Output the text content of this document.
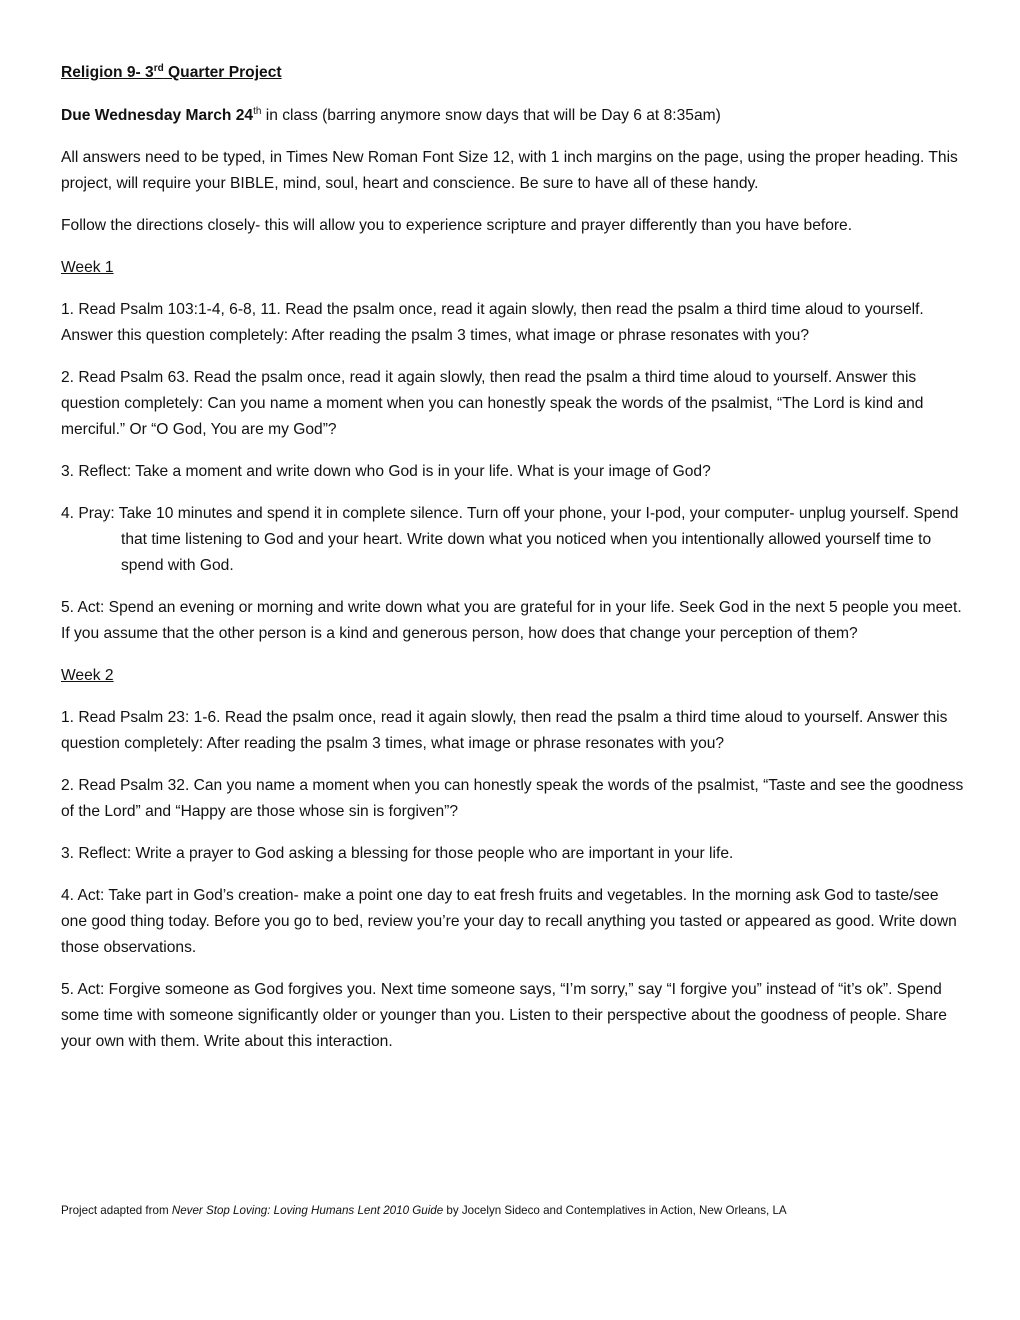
Religion 9- 3rd Quarter Project

Due Wednesday March 24th in class (barring anymore snow days that will be Day 6 at 8:35am)

All answers need to be typed, in Times New Roman Font Size 12, with 1 inch margins on the page, using the proper heading. This project, will require your BIBLE, mind, soul, heart and conscience. Be sure to have all of these handy.

Follow the directions closely- this will allow you to experience scripture and prayer differently than you have before.

Week 1

1. Read Psalm 103:1-4, 6-8, 11. Read the psalm once, read it again slowly, then read the psalm a third time aloud to yourself. Answer this question completely: After reading the psalm 3 times, what image or phrase resonates with you?

2. Read Psalm 63. Read the psalm once, read it again slowly, then read the psalm a third time aloud to yourself. Answer this question completely: Can you name a moment when you can honestly speak the words of the psalmist, “The Lord is kind and merciful.” Or “O God, You are my God”?

3. Reflect: Take a moment and write down who God is in your life. What is your image of God?

4. Pray: Take 10 minutes and spend it in complete silence. Turn off your phone, your I-pod, your computer- unplug yourself. Spend that time listening to God and your heart. Write down what you noticed when you intentionally allowed yourself time to spend with God.

5. Act: Spend an evening or morning and write down what you are grateful for in your life. Seek God in the next 5 people you meet. If you assume that the other person is a kind and generous person, how does that change your perception of them?

Week 2

1. Read Psalm 23: 1-6. Read the psalm once, read it again slowly, then read the psalm a third time aloud to yourself. Answer this question completely: After reading the psalm 3 times, what image or phrase resonates with you?

2. Read Psalm 32. Can you name a moment when you can honestly speak the words of the psalmist, “Taste and see the goodness of the Lord” and “Happy are those whose sin is forgiven”?

3. Reflect: Write a prayer to God asking a blessing for those people who are important in your life.

4. Act: Take part in God’s creation- make a point one day to eat fresh fruits and vegetables. In the morning ask God to taste/see one good thing today. Before you go to bed, review you’re your day to recall anything you tasted or appeared as good. Write down those observations.

5. Act: Forgive someone as God forgives you. Next time someone says, “I’m sorry,” say “I forgive you” instead of “it’s ok”. Spend some time with someone significantly older or younger than you. Listen to their perspective about the goodness of people. Share your own with them. Write about this interaction.

Project adapted from Never Stop Loving: Loving Humans Lent 2010 Guide by Jocelyn Sideco and Contemplatives in Action, New Orleans, LA
